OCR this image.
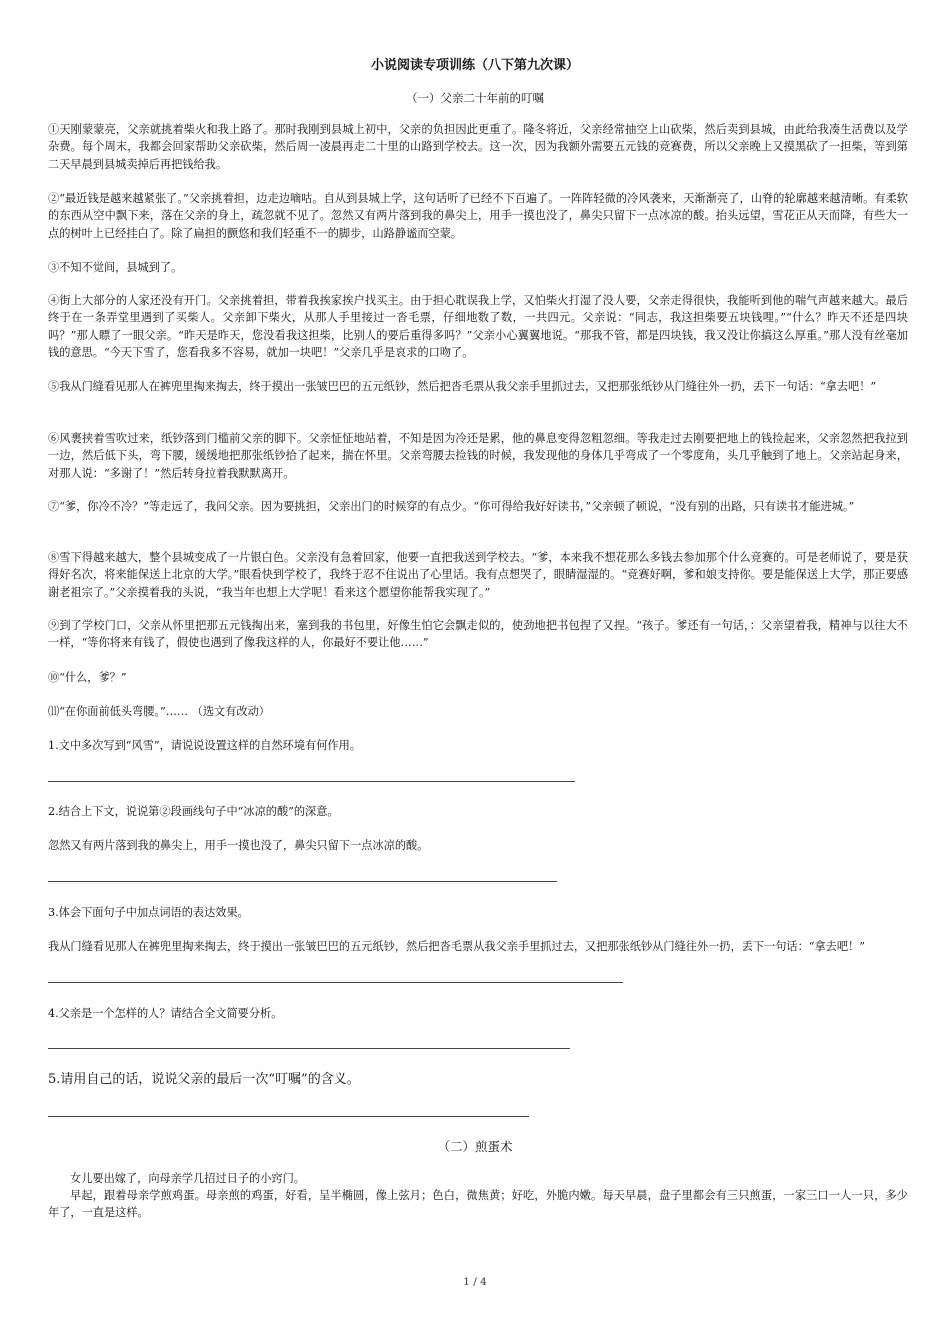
小说阅读专项训练（八下第九次课）
（一）父亲二十年前的叮嘱

①天刚蒙蒙亮，父亲就挑着柴火和我上路了。那时我刚到县城上初中，父亲的负担因此更重了。隆冬将近，父亲经常抽空上山砍柴，然后卖到县城，由此给我凑生活费以及学杂费。每个周末，我都会回家帮助父亲砍柴，然后周一凌晨再走二十里的山路到学校去。这一次，因为我额外需要五元钱的竞赛费，所以父亲晚上又摸黑砍了一担柴，等到第二天早晨到县城卖掉后再把钱给我。

②“最近钱是越来越紧张了。”父亲挑着担，边走边嘀咕。自从到县城上学，这句话听了已经不下百遍了。一阵阵轻微的冷风袭来，天渐渐亮了，山脊的轮廓越来越清晰。有柔软的东西从空中飘下来，落在父亲的身上，疏忽就不见了。忽然又有两片落到我的鼻尖上，用手一摸也没了，鼻尖只留下一点冰凉的酸。抬头远望，雪花正从天而降，有些大一点的树叶上已经挂白了。除了扁担的颤悠和我们轻重不一的脚步，山路静谧而空蒙。

③不知不觉间，县城到了。

④街上大部分的人家还没有开门。父亲挑着担，带着我挨家挨户找买主。由于担心耽误我上学，又怕柴火打湿了没人要，父亲走得很快，我能听到他的喘气声越来越大。最后终于在一条弄堂里遇到了买柴人。父亲卸下柴火，从那人手里接过一沓毛票，仔细地数了数，一共四元。父亲说：“同志，我这担柴要五块钱哩。”“什么？昨天不还是四块吗？”那人瞟了一眼父亲。“昨天是昨天，您没看我这担柴，比别人的要后重得多吗？”父亲小心翼翼地说。“那我不管，都是四块钱，我又没让你搞这么厚重。”那人没有丝毫加钱的意思。“今天下雪了，您看我多不容易，就加一块吧！”父亲几乎是哀求的口吻了。

⑤我从门缝看见那人在裤兜里掏来掏去，终于摸出一张皱巴巴的五元纸钞，然后把沓毛票从我父亲手里抓过去，又把那张纸钞从门缝往外一扔，丢下一句话：“拿去吧！”

⑥风裹挟着雪吹过来，纸钞落到门槛前父亲的脚下。父亲怔怔地站着，不知是因为冷还是累，他的鼻息变得忽粗忽细。等我走过去刚要把地上的钱捡起来，父亲忽然把我拉到一边，然后低下头，弯下腰，缓缓地把那张纸钞拾了起来，揣在怀里。父亲弯腰去捡钱的时候，我发现他的身体几乎弯成了一个零度角，头几乎触到了地上。父亲站起身来，对那人说：“多谢了！”然后转身拉着我默默离开。

⑦“爹，你冷不冷？”等走远了，我问父亲。因为要挑担，父亲出门的时候穿的有点少。“你可得给我好好读书，”父亲顿了顿说，“没有别的出路，只有读书才能进城。”

⑧雪下得越来越大，整个县城变成了一片银白色。父亲没有急着回家，他要一直把我送到学校去。“爹，本来我不想花那么多钱去参加那个什么竞赛的。可是老师说了，要是获得好名次，将来能保送上北京的大学。”眼看快到学校了，我终于忍不住说出了心里话。我有点想哭了，眼睛湿湿的。“竞赛好啊，爹和娘支持你。要是能保送上大学，那正要感谢老祖宗了。”父亲摸着我的头说，“我当年也想上大学呢！看来这个愿望你能帮我实现了。”

⑨到了学校门口，父亲从怀里把那五元钱掏出来，塞到我的书包里，好像生怕它会飘走似的，使劲地把书包捏了又捏。“孩子。爹还有一句话，：父亲望着我，精神与以往大不一样，“等你将来有钱了，假使也遇到了像我这样的人，你最好不要让他……”

⑩“什么，爹？”

⑾“在你面前低头弯腰。”…… （选文有改动）

1.文中多次写到“风雪”，请说说设置这样的自然环境有何作用。

2.结合上下文，说说第②段画线句子中“冰凉的酸”的深意。

忽然又有两片落到我的鼻尖上，用手一摸也没了，鼻尖只留下一点冰凉的酸。

3.体会下面句子中加点词语的表达效果。

我从门缝看见那人在裤兜里掏来掏去，终于摸出一张皱巴巴的五元纸钞，然后把沓毛票从我父亲手里抓过去，又把那张纸钞从门缝往外一扔，丢下一句话：“拿去吧！”

4.父亲是一个怎样的人？请结合全文简要分析。

5.请用自己的话，说说父亲的最后一次“叮嘱”的含义。

（二）煎蛋术

女儿要出嫁了，向母亲学几招过日子的小窍门。

早起，跟着母亲学煎鸡蛋。母亲煎的鸡蛋，好看，呈半椭圆，像上弦月；色白，微焦黄；好吃，外脆内嫩。每天早晨，盘子里都会有三只煎蛋，一家三口一人一只，多少年了，一直是这样。

1 / 4
